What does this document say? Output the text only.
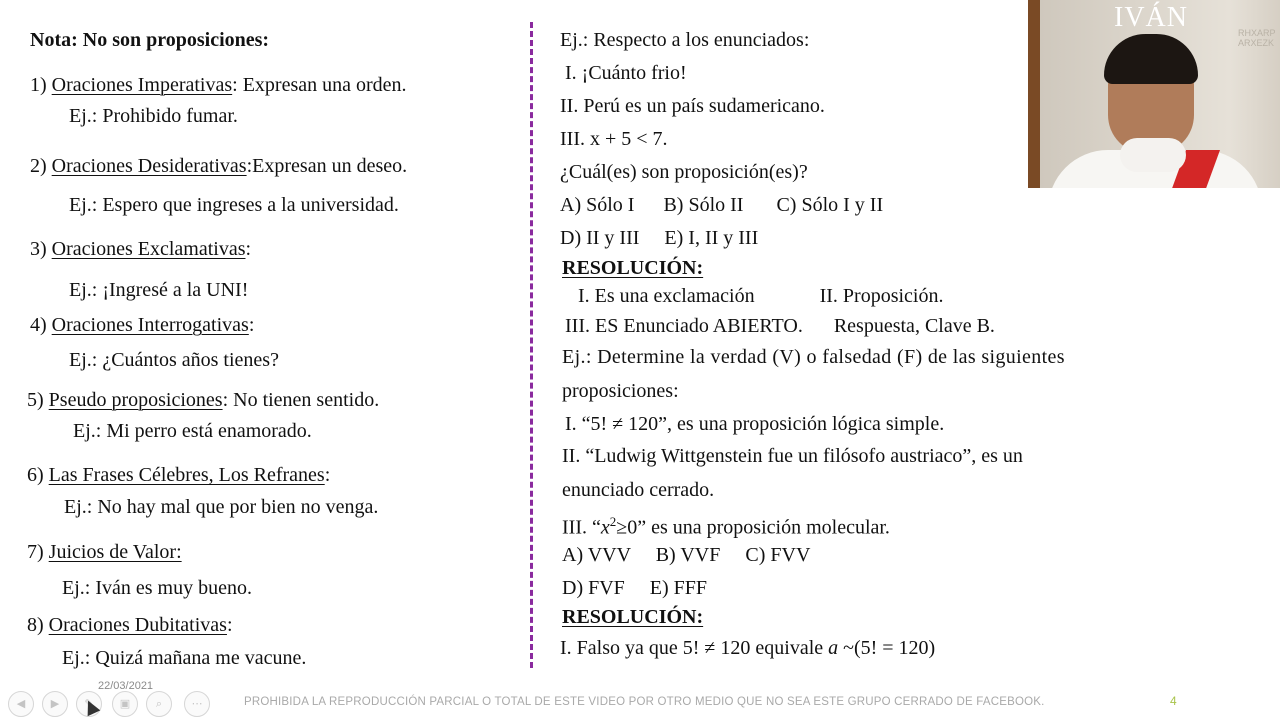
Nota: No son proposiciones:
1) Oraciones Imperativas: Expresan una orden.
Ej.: Prohibido fumar.
2) Oraciones Desiderativas:Expresan un deseo.
Ej.: Espero que ingreses a la universidad.
3) Oraciones Exclamativas:
Ej.: ¡Ingresé a la UNI!
4) Oraciones Interrogativas:
Ej.: ¿Cuántos años tienes?
5) Pseudo proposiciones: No tienen sentido.
Ej.: Mi perro está enamorado.
6) Las Frases Célebres, Los Refranes:
Ej.: No hay mal que por bien no venga.
7) Juicios de Valor:
Ej.: Iván es muy bueno.
8) Oraciones Dubitativas:
Ej.: Quizá mañana me vacune.
Ej.: Respecto a los enunciados:
I. ¡Cuánto frio!
II. Perú es un país sudamericano.
III. x + 5 < 7.
¿Cuál(es) son proposición(es)?
A) Sólo I B) Sólo II C) Sólo I y II
D) II y III E) I, II y III
RESOLUCIÓN:
I. Es una exclamación	II. Proposición.
III. ES Enunciado ABIERTO. Respuesta, Clave B.
Ej.: Determine la verdad (V) o falsedad (F) de las siguientes
proposiciones:
I. “5! ≠ 120”, es una proposición lógica simple.
II. “Ludwig Wittgenstein fue un filósofo austriaco”, es un
enunciado cerrado.
III. “$x^2\ge 0$” es una proposición molecular.
A) VVV B) VVF C) FVV
D) FVF E) FFF
RESOLUCIÓN:
I. Falso ya que 5! ≠ 120 equivale a ~(5! = 120)
RHXARP ARXEZK
IVÁN
◀	▶	✎	▣	⌕	⋯
22/03/2021
PROHIBIDA LA REPRODUCCIÓN PARCIAL O TOTAL DE ESTE VIDEO POR OTRO MEDIO QUE NO SEA ESTE GRUPO CERRADO DE FACEBOOK.	4
